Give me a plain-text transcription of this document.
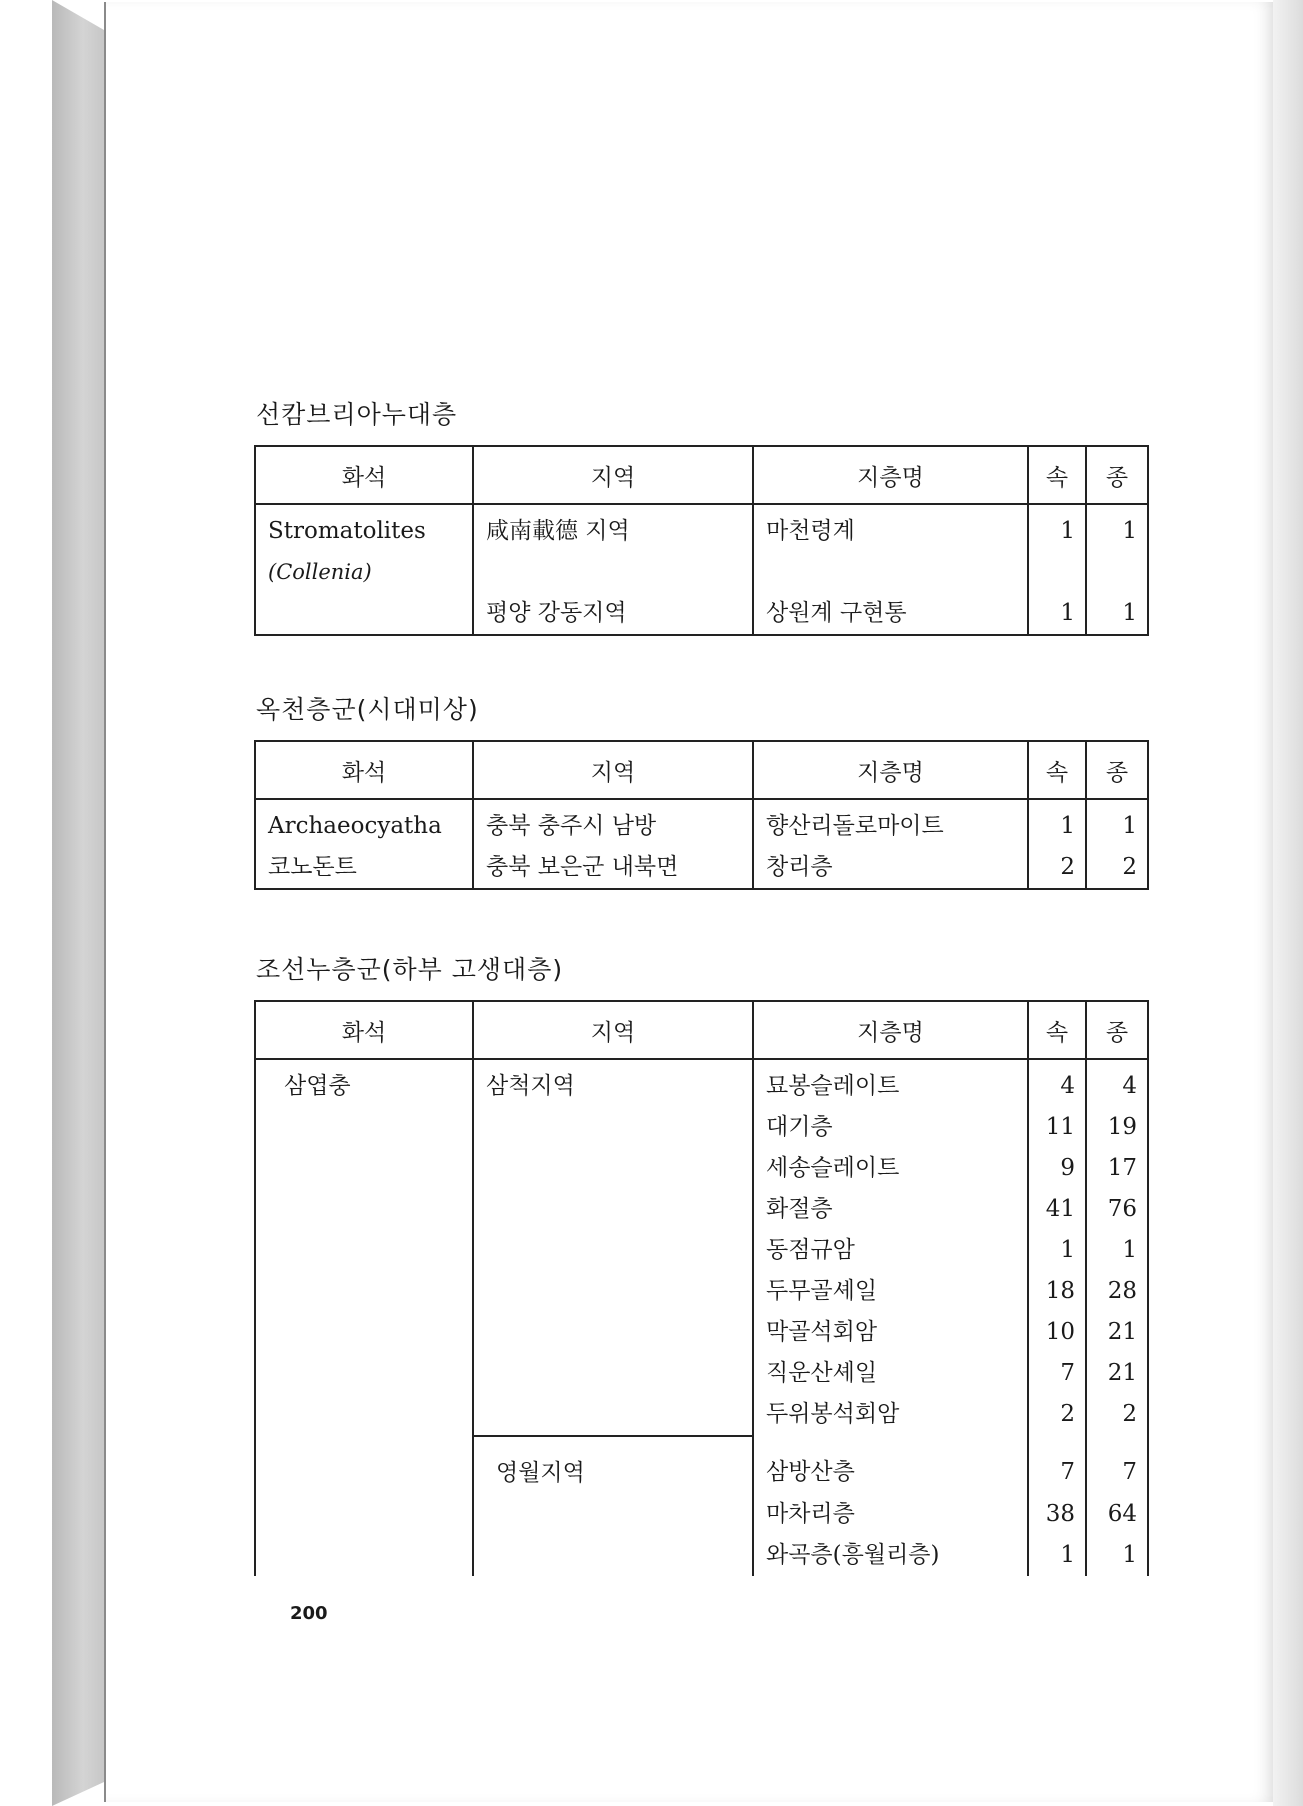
선캄브리아누대층
화석	지역	지층명	속	종
Stromatolites	咸南載德 지역	마천령계	1	1
(Collenia)				
	평양 강동지역	상원계 구현통	1	1
옥천층군(시대미상)
화석	지역	지층명	속	종
Archaeocyatha	충북 충주시 남방	향산리돌로마이트	1	1
코노돈트	충북 보은군 내북면	창리층	2	2
조선누층군(하부 고생대층)
화석	지역	지층명	속	종
삼엽충	삼척지역	묘봉슬레이트	4	4
		대기층	11	19
		세송슬레이트	9	17
		화절층	41	76
		동점규암	1	1
		두무골셰일	18	28
		막골석회암	10	21
		직운산셰일	7	21
		두위봉석회암	2	2
	영월지역	삼방산층	7	7
		마차리층	38	64
		와곡층(흥월리층)	1	1
200
